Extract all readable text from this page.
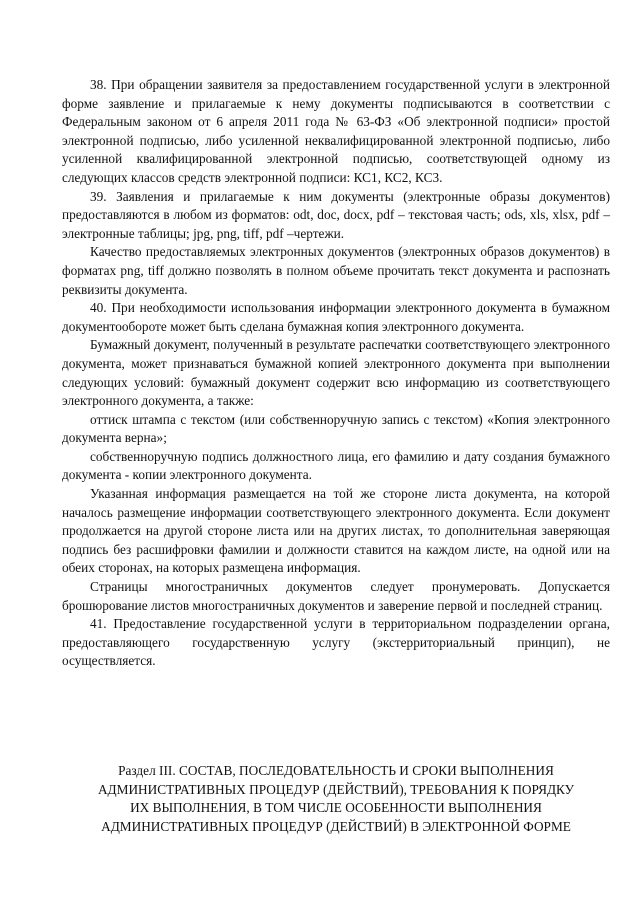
38. При обращении заявителя за предоставлением государственной услуги в электронной форме заявление и прилагаемые к нему документы подписываются в соответствии с Федеральным законом от 6 апреля 2011 года № 63-ФЗ «Об электронной подписи» простой электронной подписью, либо усиленной неквалифицированной электронной подписью, либо усиленной квалифицированной электронной подписью, соответствующей одному из следующих классов средств электронной подписи: КС1, КС2, КС3.

39. Заявления и прилагаемые к ним документы (электронные образы документов) предоставляются в любом из форматов: odt, doc, docx, pdf – текстовая часть; ods, xls, xlsx, pdf – электронные таблицы; jpg, png, tiff, pdf –чертежи.

Качество предоставляемых электронных документов (электронных образов документов) в форматах png, tiff должно позволять в полном объеме прочитать текст документа и распознать реквизиты документа.

40. При необходимости использования информации электронного документа в бумажном документообороте может быть сделана бумажная копия электронного документа.

Бумажный документ, полученный в результате распечатки соответствующего электронного документа, может признаваться бумажной копией электронного документа при выполнении следующих условий: бумажный документ содержит всю информацию из соответствующего электронного документа, а также:

оттиск штампа с текстом (или собственноручную запись с текстом) «Копия электронного документа верна»;

собственноручную подпись должностного лица, его фамилию и дату создания бумажного документа - копии электронного документа.

Указанная информация размещается на той же стороне листа документа, на которой началось размещение информации соответствующего электронного документа. Если документ продолжается на другой стороне листа или на других листах, то дополнительная заверяющая подпись без расшифровки фамилии и должности ставится на каждом листе, на одной или на обеих сторонах, на которых размещена информация.

Страницы многостраничных документов следует пронумеровать. Допускается брошюрование листов многостраничных документов и заверение первой и последней страниц.

41. Предоставление государственной услуги в территориальном подразделении органа, предоставляющего государственную услугу (экстерриториальный принцип), не осуществляется.

Раздел III. СОСТАВ, ПОСЛЕДОВАТЕЛЬНОСТЬ И СРОКИ ВЫПОЛНЕНИЯ
АДМИНИСТРАТИВНЫХ ПРОЦЕДУР (ДЕЙСТВИЙ), ТРЕБОВАНИЯ К ПОРЯДКУ
ИХ ВЫПОЛНЕНИЯ, В ТОМ ЧИСЛЕ ОСОБЕННОСТИ ВЫПОЛНЕНИЯ
АДМИНИСТРАТИВНЫХ ПРОЦЕДУР (ДЕЙСТВИЙ) В ЭЛЕКТРОННОЙ ФОРМЕ
